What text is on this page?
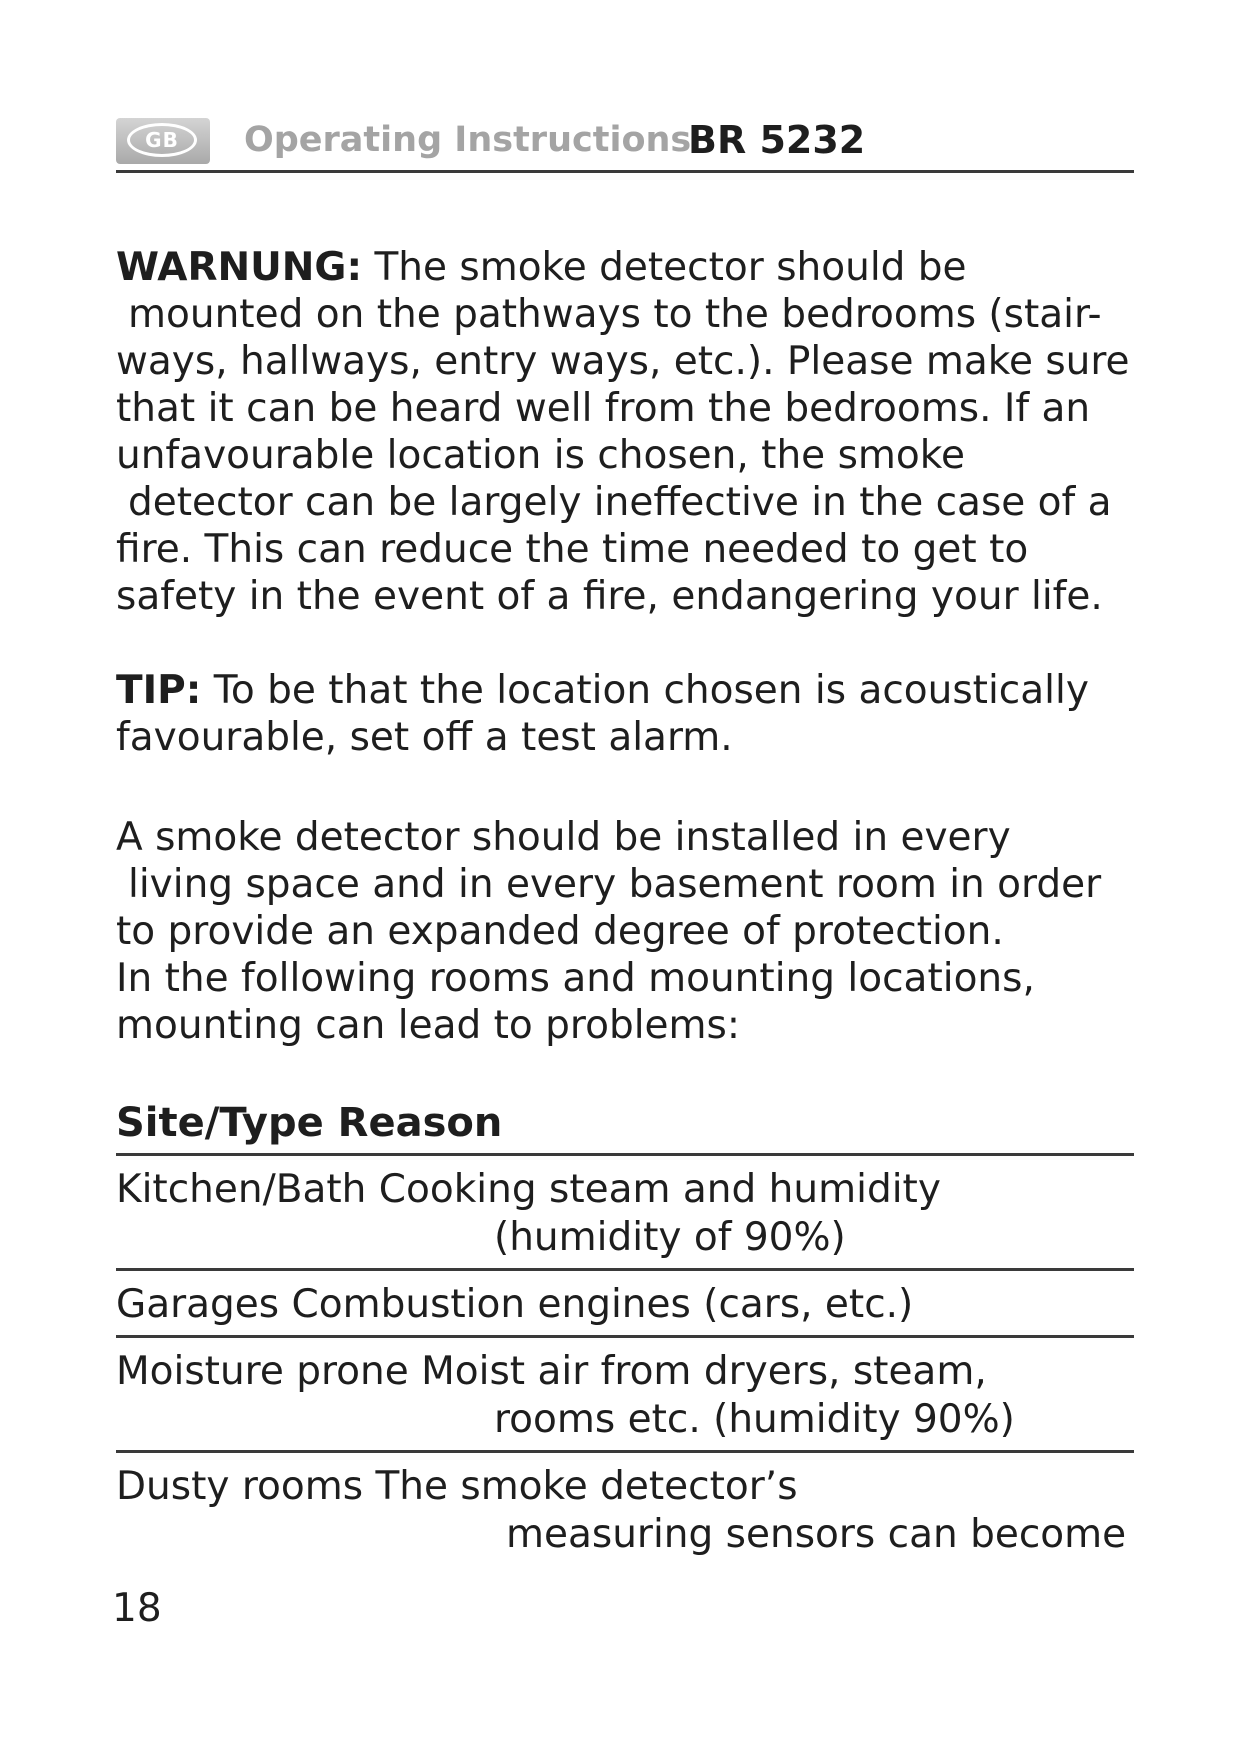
GB	Operating Instructions
BR 5232
WARNUNG: The smoke detector should be
mounted on the pathways to the bedrooms (stair-
ways, hallways, entry ways, etc.). Please make sure
that it can be heard well from the bedrooms. If an
unfavourable location is chosen, the smoke
detector can be largely ineffective in the case of a
fire. This can reduce the time needed to get to
safety in the event of a fire, endangering your life.
TIP: To be that the location chosen is acoustically
favourable, set off a test alarm.
A smoke detector should be installed in every
living space and in every basement room in order
to provide an expanded degree of protection.
In the following rooms and mounting locations,
mounting can lead to problems:
Site/Type Reason
Kitchen/Bath Cooking steam and humidity
(humidity of 90%)
Garages Combustion engines (cars, etc.)
Moisture prone Moist air from dryers, steam,
rooms etc. (humidity 90%)
Dusty rooms The smoke detector’s
measuring sensors can become
18
